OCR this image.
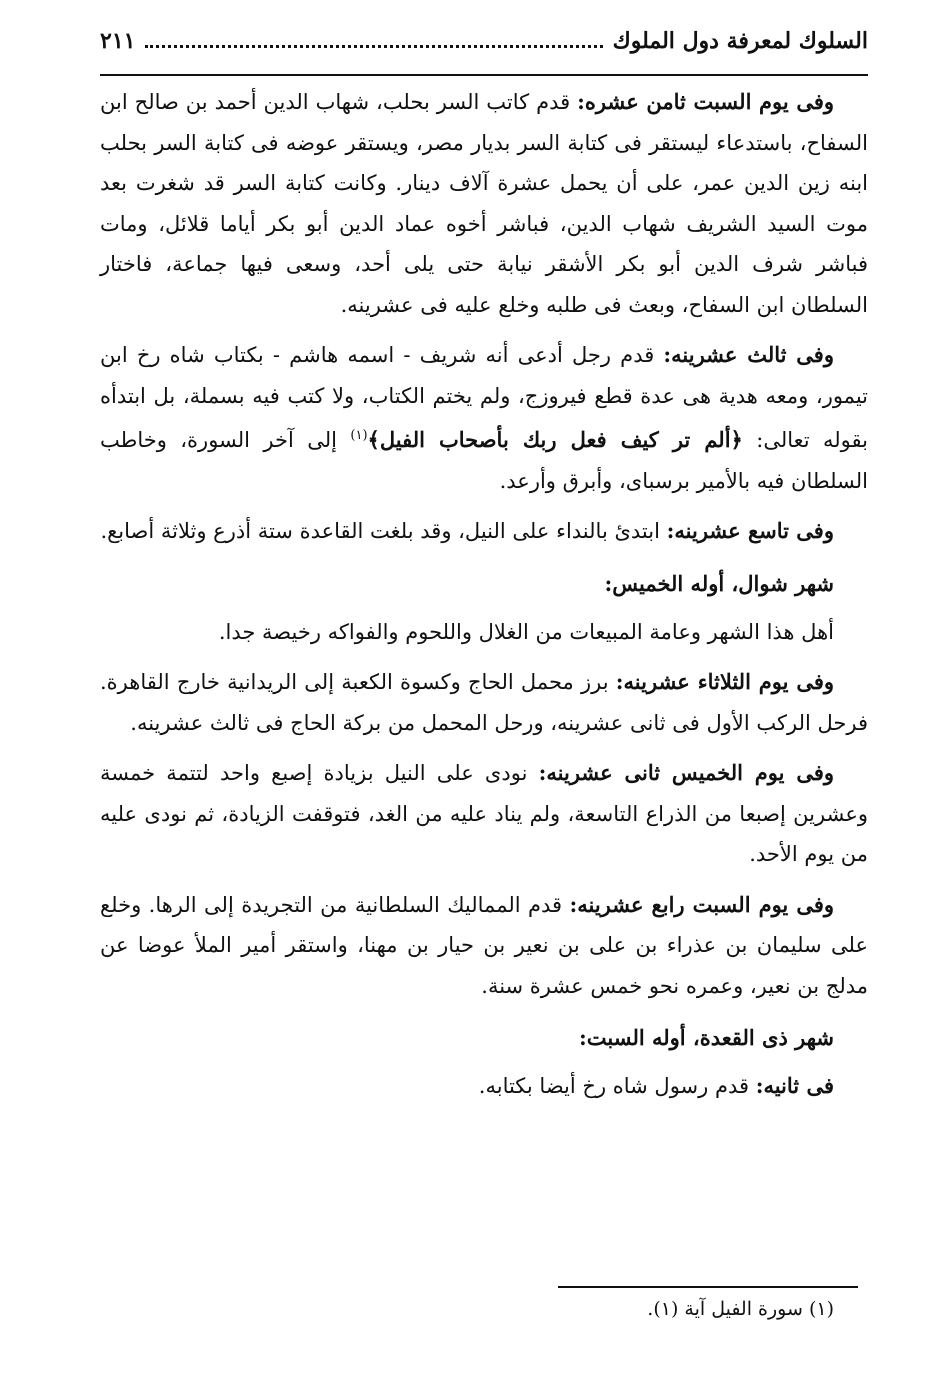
السلوك لمعرفة دول الملوك
٢١١

وفى يوم السبت ثامن عشره: قدم كاتب السر بحلب، شهاب الدين أحمد بن صالح ابن السفاح، باستدعاء ليستقر فى كتابة السر بديار مصر، ويستقر عوضه فى كتابة السر بحلب ابنه زين الدين عمر، على أن يحمل عشرة آلاف دينار. وكانت كتابة السر قد شغرت بعد موت السيد الشريف شهاب الدين، فباشر أخوه عماد الدين أبو بكر أياما قلائل، ومات فباشر شرف الدين أبو بكر الأشقر نيابة حتى يلى أحد، وسعى فيها جماعة، فاختار السلطان ابن السفاح، وبعث فى طلبه وخلع عليه فى عشرينه.

وفى ثالث عشرينه: قدم رجل أدعى أنه شريف - اسمه هاشم - بكتاب شاه رخ ابن تيمور، ومعه هدية هى عدة قطع فيروزج، ولم يختم الكتاب، ولا كتب فيه بسملة، بل ابتدأه بقوله تعالى: ﴿ألم تر كيف فعل ربك بأصحاب الفيل﴾$^{(١)}$ إلى آخر السورة، وخاطب السلطان فيه بالأمير برسباى، وأبرق وأرعد.

وفى تاسع عشرينه: ابتدئ بالنداء على النيل، وقد بلغت القاعدة ستة أذرع وثلاثة أصابع.

شهر شوال، أوله الخميس:

أهل هذا الشهر وعامة المبيعات من الغلال واللحوم والفواكه رخيصة جدا.

وفى يوم الثلاثاء عشرينه: برز محمل الحاج وكسوة الكعبة إلى الريدانية خارج القاهرة. فرحل الركب الأول فى ثانى عشرينه، ورحل المحمل من بركة الحاج فى ثالث عشرينه.

وفى يوم الخميس ثانى عشرينه: نودى على النيل بزيادة إصبع واحد لتتمة خمسة وعشرين إصبعا من الذراع التاسعة، ولم يناد عليه من الغد، فتوقفت الزيادة، ثم نودى عليه من يوم الأحد.

وفى يوم السبت رابع عشرينه: قدم المماليك السلطانية من التجريدة إلى الرها. وخلع على سليمان بن عذراء بن على بن نعير بن حيار بن مهنا، واستقر أمير الملأ عوضا عن مدلج بن نعير، وعمره نحو خمس عشرة سنة.

شهر ذى القعدة، أوله السبت:

فى ثانيه: قدم رسول شاه رخ أيضا بكتابه.

(١) سورة الفيل آية (١).
